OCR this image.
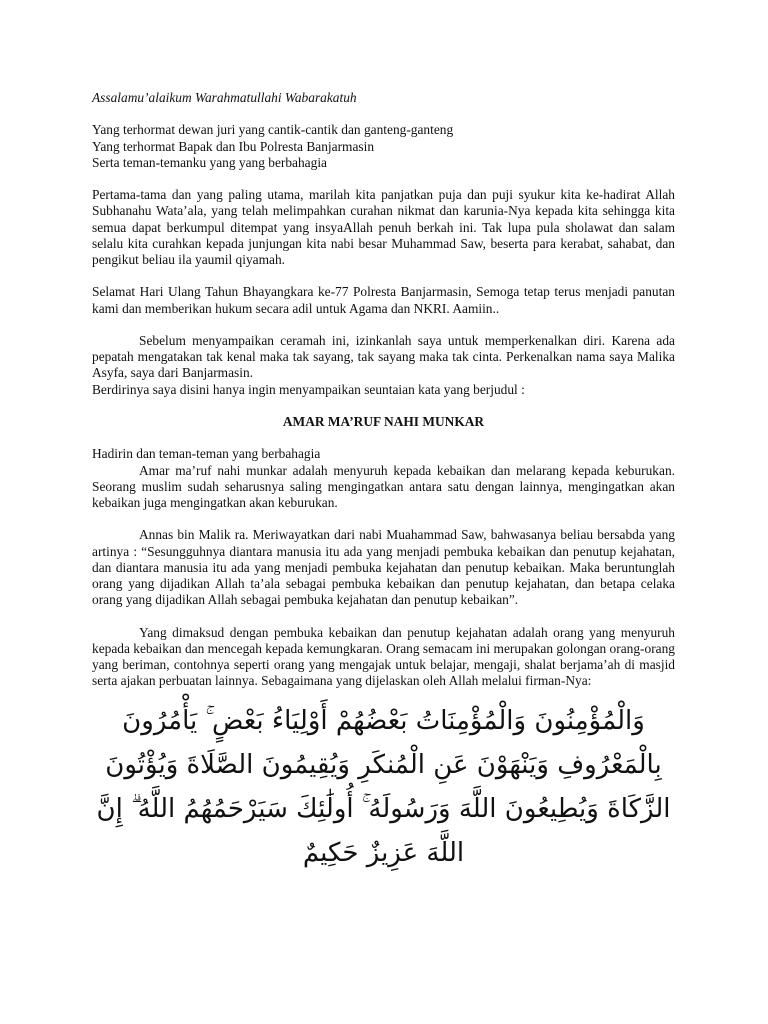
Assalamu’alaikum Warahmatullahi Wabarakatuh

Yang terhormat dewan juri yang cantik-cantik dan ganteng-ganteng

Yang terhormat Bapak dan Ibu Polresta Banjarmasin

Serta teman-temanku yang yang berbahagia

Pertama-tama dan yang paling utama, marilah kita panjatkan puja dan puji syukur kita ke-hadirat Allah Subhanahu Wata’ala, yang telah melimpahkan curahan nikmat dan karunia-Nya kepada kita sehingga kita semua dapat berkumpul ditempat yang insyaAllah penuh berkah ini. Tak lupa pula sholawat dan salam selalu kita curahkan kepada junjungan kita nabi besar Muhammad Saw, beserta para kerabat, sahabat, dan pengikut beliau ila yaumil qiyamah.

Selamat Hari Ulang Tahun Bhayangkara ke-77 Polresta Banjarmasin, Semoga tetap terus menjadi panutan kami dan memberikan hukum secara adil untuk Agama dan NKRI. Aamiin..

Sebelum menyampaikan ceramah ini, izinkanlah saya untuk memperkenalkan diri. Karena ada pepatah mengatakan tak kenal maka tak sayang, tak sayang maka tak cinta. Perkenalkan nama saya Malika Asyfa, saya dari Banjarmasin.

Berdirinya saya disini hanya ingin menyampaikan seuntaian kata yang berjudul :

AMAR MA’RUF NAHI MUNKAR

Hadirin dan teman-teman yang berbahagia

Amar ma’ruf nahi munkar adalah menyuruh kepada kebaikan dan melarang kepada keburukan. Seorang muslim sudah seharusnya saling mengingatkan antara satu dengan lainnya, mengingatkan akan kebaikan juga mengingatkan akan keburukan.

Annas bin Malik ra. Meriwayatkan dari nabi Muahammad Saw, bahwasanya beliau bersabda yang artinya : “Sesungguhnya diantara manusia itu ada yang menjadi pembuka kebaikan dan penutup kejahatan, dan diantara manusia itu ada yang menjadi pembuka kejahatan dan penutup kebaikan. Maka beruntunglah orang yang dijadikan Allah ta’ala sebagai pembuka kebaikan dan penutup kejahatan, dan betapa celaka orang yang dijadikan Allah sebagai pembuka kejahatan dan penutup kebaikan”.

Yang dimaksud dengan pembuka kebaikan dan penutup kejahatan adalah orang yang menyuruh kepada kebaikan dan mencegah kepada kemungkaran. Orang semacam ini merupakan golongan orang-orang yang beriman, contohnya seperti orang yang mengajak untuk belajar, mengaji, shalat berjama’ah di masjid serta ajakan perbuatan lainnya. Sebagaimana yang dijelaskan oleh Allah melalui firman-Nya:

وَالْمُؤْمِنُونَ وَالْمُؤْمِنَاتُ بَعْضُهُمْ أَوْلِيَاءُ بَعْضٍ ۚ يَأْمُرُونَ بِالْمَعْرُوفِ وَيَنْهَوْنَ عَنِ الْمُنكَرِ وَيُقِيمُونَ الصَّلَاةَ وَيُؤْتُونَ الزَّكَاةَ وَيُطِيعُونَ اللَّهَ وَرَسُولَهُ ۚ أُولَٰئِكَ سَيَرْحَمُهُمُ اللَّهُ ۗ إِنَّ اللَّهَ عَزِيزٌ حَكِيمٌ
